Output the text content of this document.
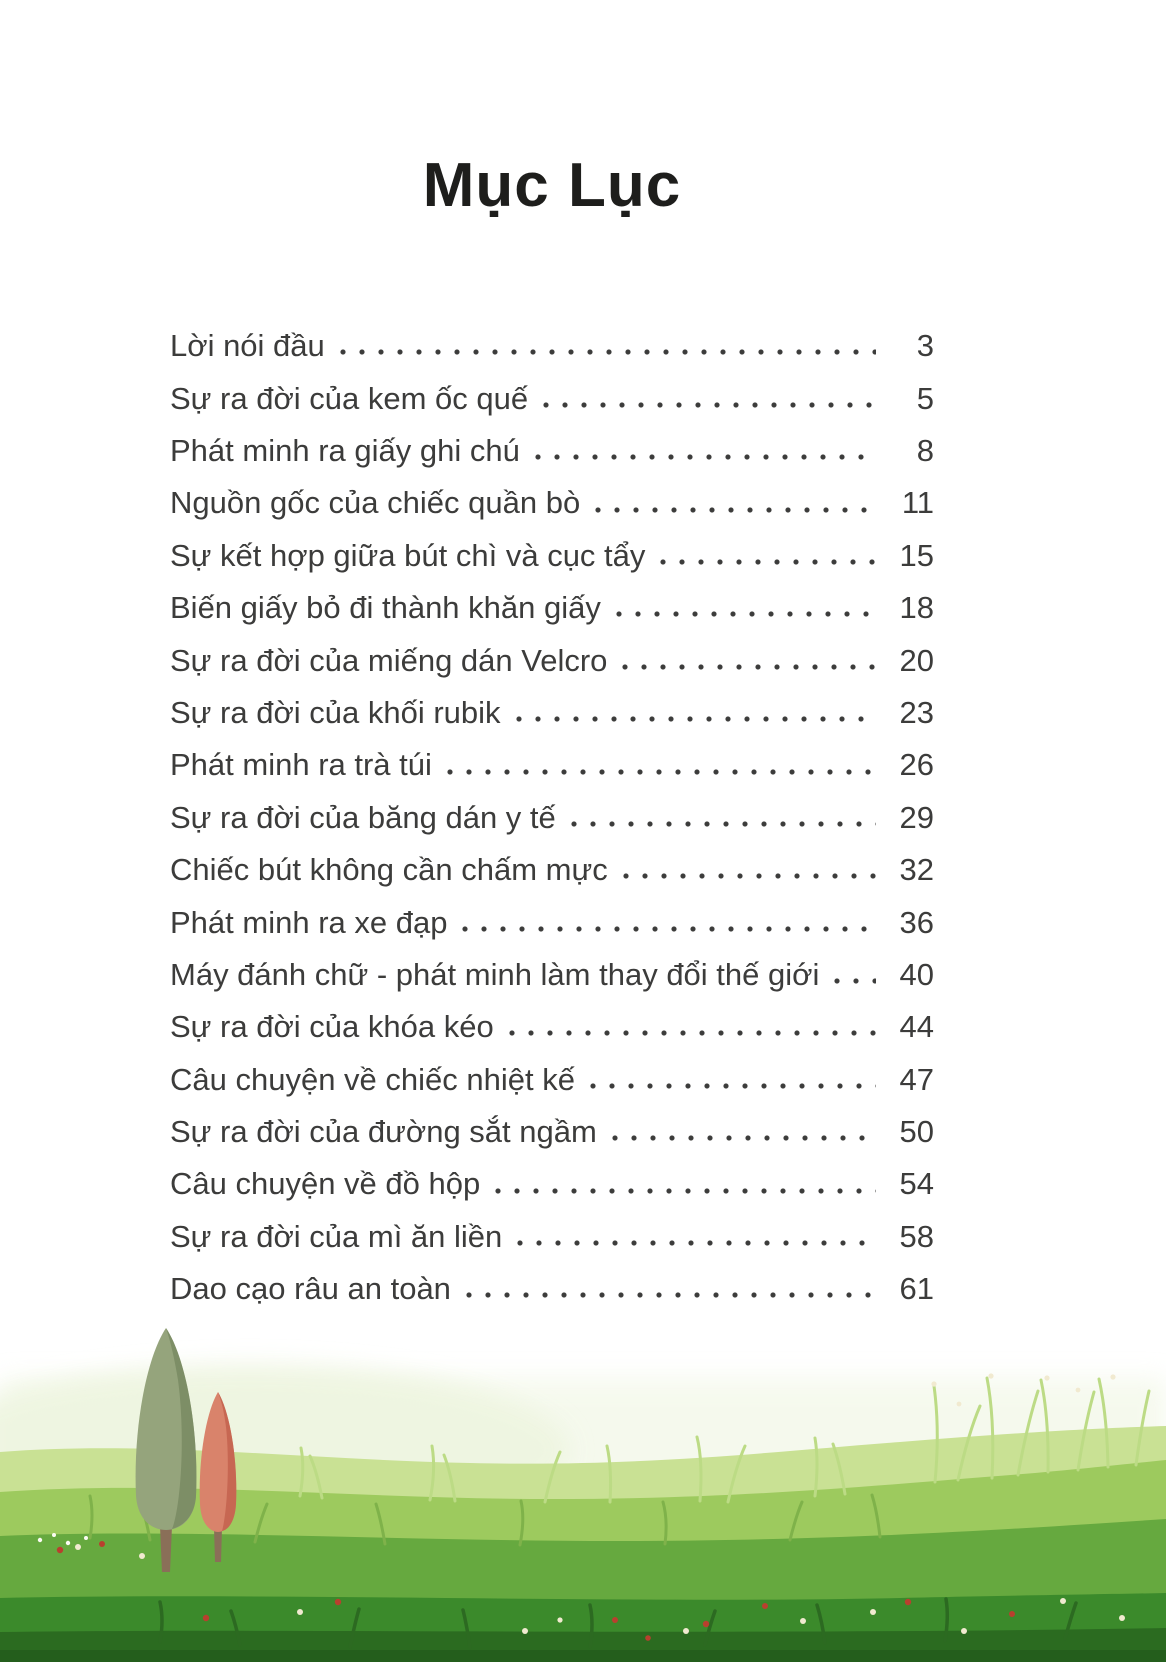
Mục Lục
Lời nói đầu	3
Sự ra đời của kem ốc quế	5
Phát minh ra giấy ghi chú	8
Nguồn gốc của chiếc quần bò	11
Sự kết hợp giữa bút chì và cục tẩy	15
Biến giấy bỏ đi thành khăn giấy	18
Sự ra đời của miếng dán Velcro	20
Sự ra đời của khối rubik	23
Phát minh ra trà túi	26
Sự ra đời của băng dán y tế	29
Chiếc bút không cần chấm mực	32
Phát minh ra xe đạp	36
Máy đánh chữ - phát minh làm thay đổi thế giới	40
Sự ra đời của khóa kéo	44
Câu chuyện về chiếc nhiệt kế	47
Sự ra đời của đường sắt ngầm	50
Câu chuyện về đồ hộp	54
Sự ra đời của mì ăn liền	58
Dao cạo râu an toàn	61
